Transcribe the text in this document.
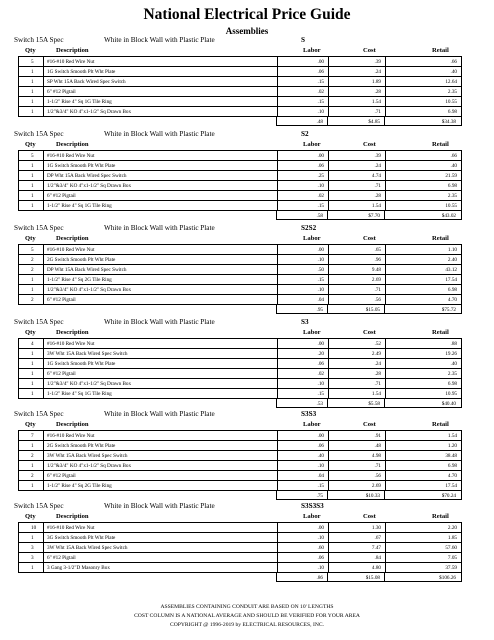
National Electrical Price Guide
Assemblies
Switch 15A Spec	White in Block Wall with Plastic Plate	S
Qty	Description	Labor	Cost	Retail
5	#16-#10 Red Wire Nut	.00	.39	.66
1	1G Switch Smooth Plt Wht Plate	.06	.24	.40
1	SP Wht 15A Back Wired Spec Switch	.15	1.89	12.64
1	6" #12 Pigtail	.02	.28	2.35
1	1-1/2" Rise 4" Sq 1G Tile Ring	.15	1.54	10.55
1	1/2"&3/4" KO 4"x1-1/2" Sq Drawn Box	.10	.71	6.98
.48	$4.85	$34.38
Switch 15A Spec	White in Block Wall with Plastic Plate	S2
Qty	Description	Labor	Cost	Retail
5	#16-#10 Red Wire Nut	.00	.39	.66
1	1G Switch Smooth Plt Wht Plate	.06	.24	.40
1	DP Wht 15A Back Wired Spec Switch	.25	4.74	21.59
1	1/2"&3/4" KO 4"x1-1/2" Sq Drawn Box	.10	.71	6.98
1	6" #12 Pigtail	.02	.28	2.35
1	1-1/2" Rise 4" Sq 1G Tile Ring	.15	1.54	10.55
.58	$7.70	$43.02
Switch 15A Spec	White in Block Wall with Plastic Plate	S2S2
Qty	Description	Labor	Cost	Retail
5	#16-#10 Red Wire Nut	.00	.65	1.10
2	2G Switch Smooth Plt Wht Plate	.10	.96	2.40
2	DP Wht 15A Back Wired Spec Switch	.50	9.48	43.12
1	1-1/2" Rise 4" Sq 2G Tile Ring	.15	2.69	17.54
1	1/2"&3/4" KO 4"x1-1/2" Sq Drawn Box	.10	.71	6.98
2	6" #12 Pigtail	.04	.56	4.70
.95	$15.05	$75.72
Switch 15A Spec	White in Block Wall with Plastic Plate	S3
Qty	Description	Labor	Cost	Retail
4	#16-#10 Red Wire Nut	.00	.52	.88
1	3W Wht 15A Back Wired Spec Switch	.20	2.49	19.26
1	1G Switch Smooth Plt Wht Plate	.06	.24	.40
1	6" #12 Pigtail	.02	.28	2.35
1	1/2"&3/4" KO 4"x1-1/2" Sq Drawn Box	.10	.71	6.98
1	1-1/2" Rise 4" Sq 1G Tile Ring	.15	1.54	10.95
.53	$5.58	$40.40
Switch 15A Spec	White in Block Wall with Plastic Plate	S3S3
Qty	Description	Labor	Cost	Retail
7	#16-#10 Red Wire Nut	.00	.91	1.54
1	2G Switch Smooth Plt Wht Plate	.06	.48	1.20
2	3W Wht 15A Back Wired Spec Switch	.40	4.98	38.48
1	1/2"&3/4" KO 4"x1-1/2" Sq Drawn Box	.10	.71	6.98
2	6" #12 Pigtail	.04	.56	4.70
1	1-1/2" Rise 4" Sq 2G Tile Ring	.15	2.69	17.54
.75	$10.33	$70.24
Switch 15A Spec	White in Block Wall with Plastic Plate	S3S3S3
Qty	Description	Labor	Cost	Retail
10 #16-#10 Red Wire Nut	.00	1.30	2.20
1	3G Switch Smooth Plt Wht Plate	.10	.67	1.85
3	3W Wht 15A Back Wired Spec Switch	.60	7.47	57.60
3	6" #12 Pigtail	.06	.84	7.05
1	3 Gang 3-1/2"D Masonry Box	.10	4.80	37.59
.86	$15.08	$106.26
ASSEMBLIES CONTAINING CONDUIT ARE BASED ON 10' LENGTHS
COST COLUMN IS A NATIONAL AVERAGE AND SHOULD BE VERIFIED FOR YOUR AREA
COPYRIGHT @ 1996-2019 by ELECTRICAL RESOURCES, INC.
